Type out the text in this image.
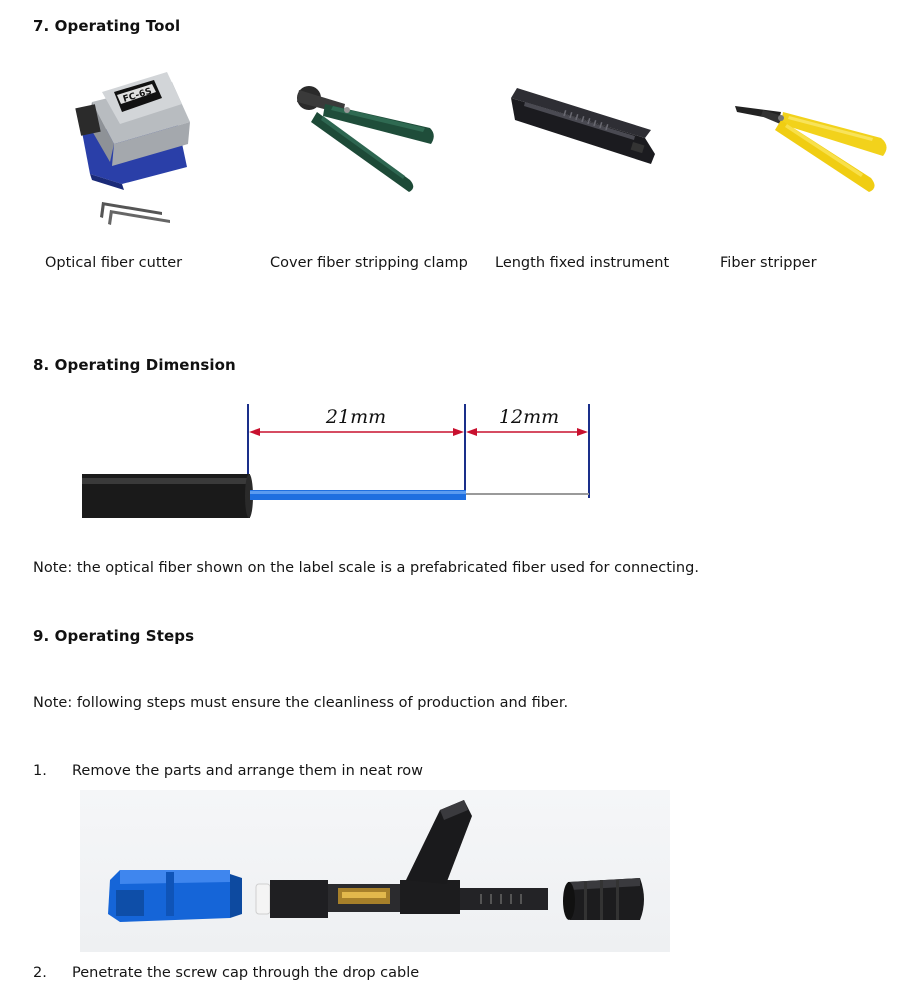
7. Operating Tool
FC-6S
Optical fiber cutter	Cover fiber stripping clamp Length fixed instrument	Fiber stripper
8. Operating Dimension
21mm	12mm
Note: the optical fiber shown on the label scale is a prefabricated fiber used for connecting.
9. Operating Steps
Note: following steps must ensure the cleanliness of production and fiber.
1. Remove the parts and arrange them in neat row
2. Penetrate the screw cap through the drop cable
